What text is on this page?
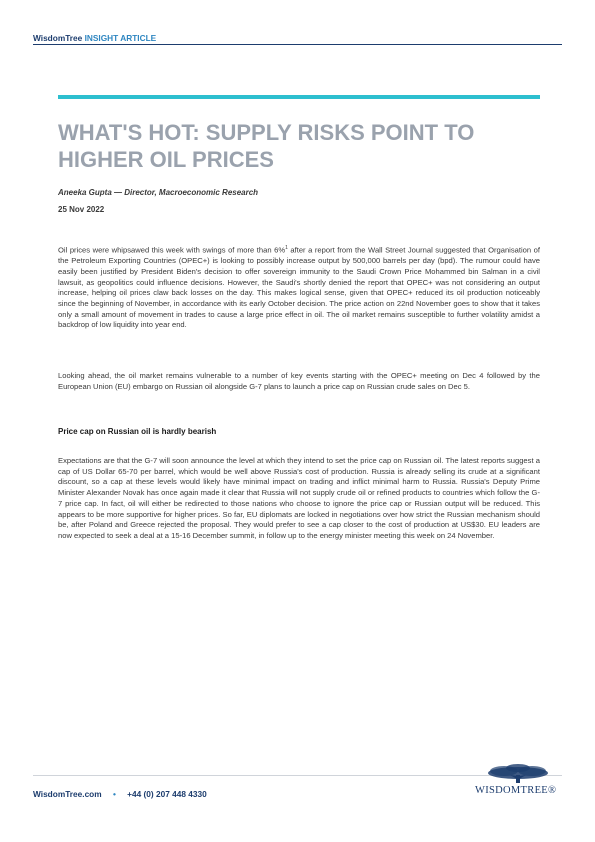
WisdomTree INSIGHT ARTICLE
WHAT'S HOT: SUPPLY RISKS POINT TO HIGHER OIL PRICES
Aneeka Gupta — Director, Macroeconomic Research
25 Nov 2022

Oil prices were whipsawed this week with swings of more than 6%$^1$ after a report from the Wall Street Journal suggested that Organisation of the Petroleum Exporting Countries (OPEC+) is looking to possibly increase output by 500,000 barrels per day (bpd). The rumour could have easily been justified by President Biden's decision to offer sovereign immunity to the Saudi Crown Price Mohammed bin Salman in a civil lawsuit, as geopolitics could influence decisions. However, the Saudi's shortly denied the report that OPEC+ was not considering an output increase, helping oil prices claw back losses on the day. This makes logical sense, given that OPEC+ reduced its oil production noticeably since the beginning of November, in accordance with its early October decision. The price action on 22nd November goes to show that it takes only a small amount of movement in trades to cause a large price effect in oil. The oil market remains susceptible to further volatility amidst a backdrop of low liquidity into year end.

Looking ahead, the oil market remains vulnerable to a number of key events starting with the OPEC+ meeting on Dec 4 followed by the European Union (EU) embargo on Russian oil alongside G-7 plans to launch a price cap on Russian crude sales on Dec 5.

Price cap on Russian oil is hardly bearish

Expectations are that the G-7 will soon announce the level at which they intend to set the price cap on Russian oil. The latest reports suggest a cap of US Dollar 65-70 per barrel, which would be well above Russia's cost of production. Russia is already selling its crude at a significant discount, so a cap at these levels would likely have minimal impact on trading and inflict minimal harm to Russia. Russia's Deputy Prime Minister Alexander Novak has once again made it clear that Russia will not supply crude oil or refined products to countries which follow the G-7 price cap. In fact, oil will either be redirected to those nations who choose to ignore the price cap or Russian output will be reduced. This appears to be more supportive for higher prices. So far, EU diplomats are locked in negotiations over how strict the Russian mechanism should be, after Poland and Greece rejected the proposal. They would prefer to see a cap closer to the cost of production at US$30. EU leaders are now expected to seek a deal at a 15-16 December summit, in follow up to the energy minister meeting this week on 24 November.

WisdomTree.com • +44 (0) 207 448 4330	WISDOMTREE®
